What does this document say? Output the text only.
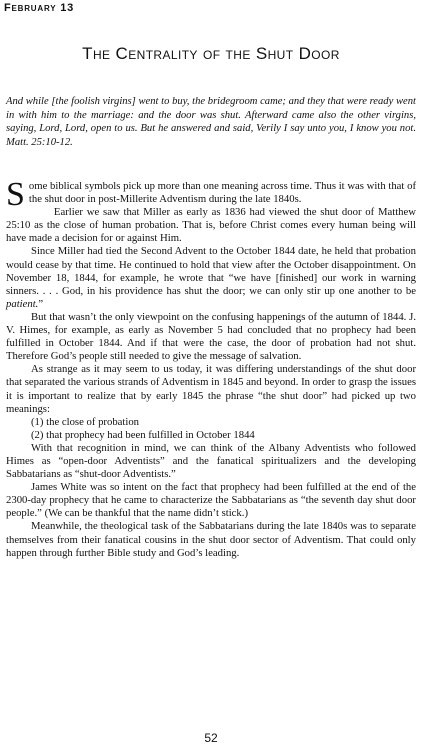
February 13
The Centrality of the Shut Door
And while [the foolish virgins] went to buy, the bridegroom came; and they that were ready went in with him to the marriage: and the door was shut. Afterward came also the other virgins, saying, Lord, Lord, open to us. But he answered and said, Verily I say unto you, I know you not. Matt. 25:10-12.

Some biblical symbols pick up more than one meaning across time. Thus it was with that of the shut door in post-Millerite Adventism during the late 1840s.

Earlier we saw that Miller as early as 1836 had viewed the shut door of Matthew 25:10 as the close of human probation. That is, before Christ comes every human being will have made a decision for or against Him.

Since Miller had tied the Second Advent to the October 1844 date, he held that probation would cease by that time. He continued to hold that view after the October disappointment. On November 18, 1844, for example, he wrote that “we have [finished] our work in warning sinners. . . . God, in his providence has shut the door; we can only stir up one another to be patient.”

But that wasn’t the only viewpoint on the confusing happenings of the autumn of 1844. J. V. Himes, for example, as early as November 5 had concluded that no prophecy had been fulfilled in October 1844. And if that were the case, the door of probation had not shut. Therefore God’s people still needed to give the message of salvation.

As strange as it may seem to us today, it was differing understandings of the shut door that separated the various strands of Adventism in 1845 and beyond. In order to grasp the issues it is important to realize that by early 1845 the phrase “the shut door” had picked up two meanings:

(1) the close of probation

(2) that prophecy had been fulfilled in October 1844

With that recognition in mind, we can think of the Albany Adventists who followed Himes as “open-door Adventists” and the fanatical spiritualizers and the developing Sabbatarians as “shut-door Adventists.”

James White was so intent on the fact that prophecy had been fulfilled at the end of the 2300-day prophecy that he came to characterize the Sabbatarians as “the seventh day shut door people.” (We can be thankful that the name didn’t stick.)

Meanwhile, the theological task of the Sabbatarians during the late 1840s was to separate themselves from their fanatical cousins in the shut door sector of Adventism. That could only happen through further Bible study and God’s leading.

52
